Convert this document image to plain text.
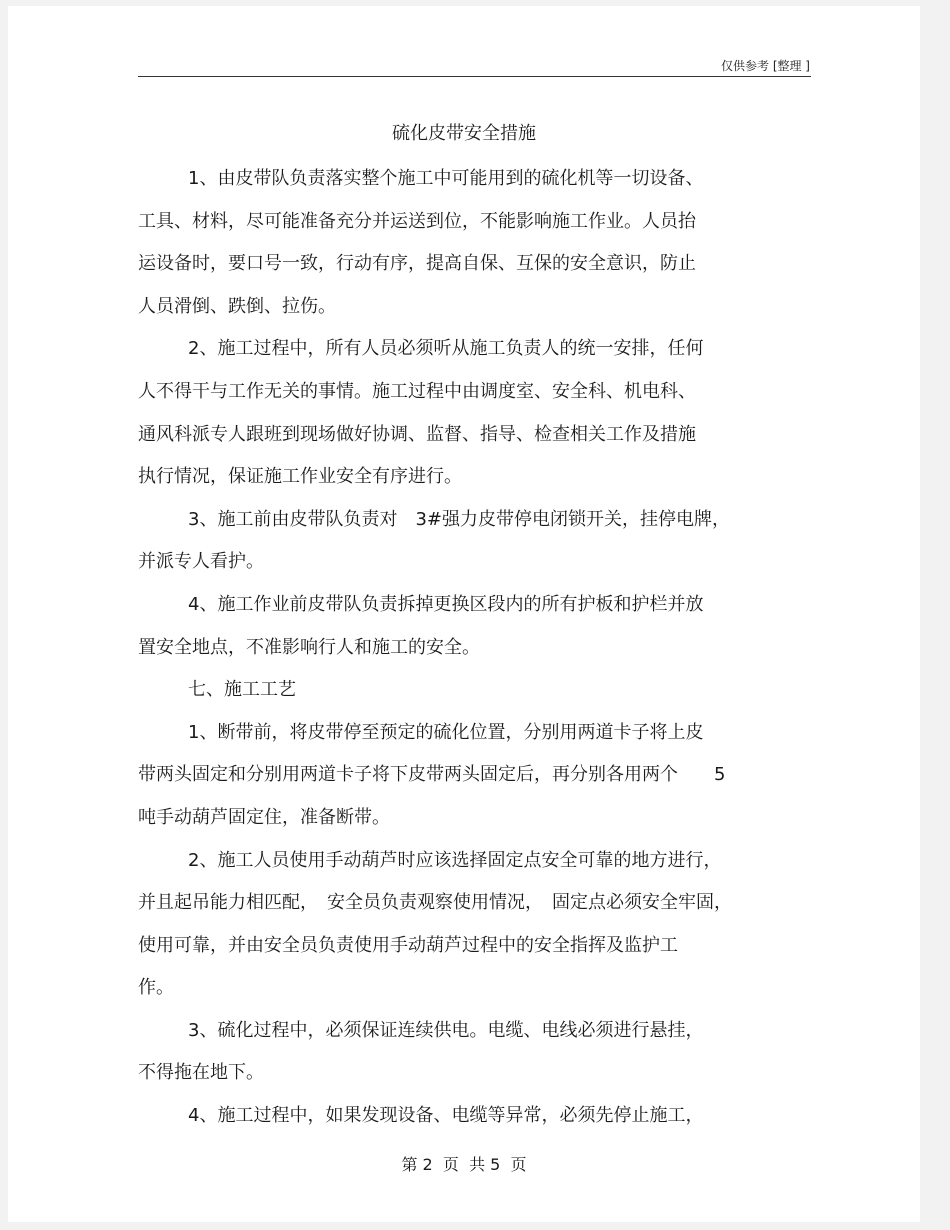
仅供参考 [整理 ]
硫化皮带安全措施
1、由皮带队负责落实整个施工中可能用到的硫化机等一切设备、
工具、材料，尽可能准备充分并运送到位，不能影响施工作业。人员抬
运设备时，要口号一致，行动有序，提高自保、互保的安全意识，防止
人员滑倒、跌倒、拉伤。
2、施工过程中，所有人员必须听从施工负责人的统一安排，任何
人不得干与工作无关的事情。施工过程中由调度室、安全科、机电科、
通风科派专人跟班到现场做好协调、监督、指导、检查相关工作及措施
执行情况，保证施工作业安全有序进行。
3、施工前由皮带队负责对　3#强力皮带停电闭锁开关，挂停电牌，
并派专人看护。
4、施工作业前皮带队负责拆掉更换区段内的所有护板和护栏并放
置安全地点，不准影响行人和施工的安全。
七、施工工艺
1、断带前，将皮带停至预定的硫化位置，分别用两道卡子将上皮
带两头固定和分别用两道卡子将下皮带两头固定后，再分别各用两个　　5
吨手动葫芦固定住，准备断带。
2、施工人员使用手动葫芦时应该选择固定点安全可靠的地方进行，
并且起吊能力相匹配，　安全员负责观察使用情况，　固定点必须安全牢固，
使用可靠，并由安全员负责使用手动葫芦过程中的安全指挥及监护工
作。
3、硫化过程中，必须保证连续供电。电缆、电线必须进行悬挂，
不得拖在地下。
4、施工过程中，如果发现设备、电缆等异常，必须先停止施工，
第 2  页  共 5  页
